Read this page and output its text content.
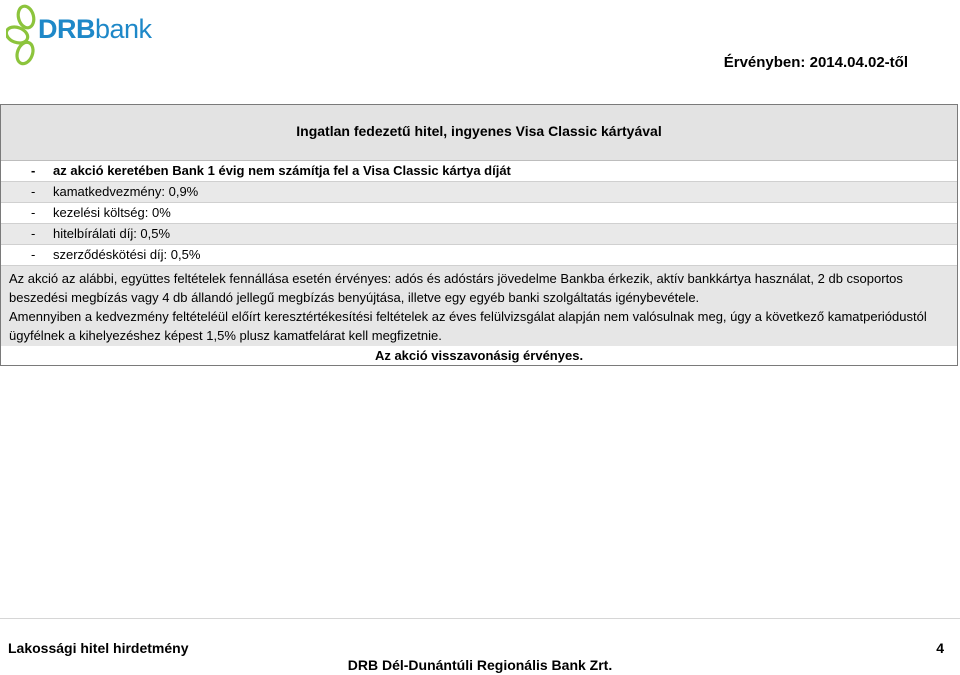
DRBbank
Érvényben: 2014.04.02-től
Ingatlan fedezetű hitel, ingyenes Visa Classic kártyával
- az akció keretében Bank 1 évig nem számítja fel a Visa Classic kártya díját
- kamatkedvezmény: 0,9%
- kezelési költség: 0%
- hitelbírálati díj: 0,5%
- szerződéskötési díj: 0,5%
Az akció az alábbi, együttes feltételek fennállása esetén érvényes: adós és adóstárs jövedelme Bankba érkezik, aktív bankkártya használat, 2 db csoportos beszedési megbízás vagy 4 db állandó jellegű megbízás benyújtása, illetve egy egyéb banki szolgáltatás igénybevétele.
Amennyiben a kedvezmény feltételéül előírt keresztértékesítési feltételek az éves felülvizsgálat alapján nem valósulnak meg, úgy a következő kamatperiódustól ügyfélnek a kihelyezéshez képest 1,5% plusz kamatfelárat kell megfizetnie.
Az akció visszavonásig érvényes.
Lakossági hitel hirdetmény	4
DRB Dél-Dunántúli Regionális Bank Zrt.
